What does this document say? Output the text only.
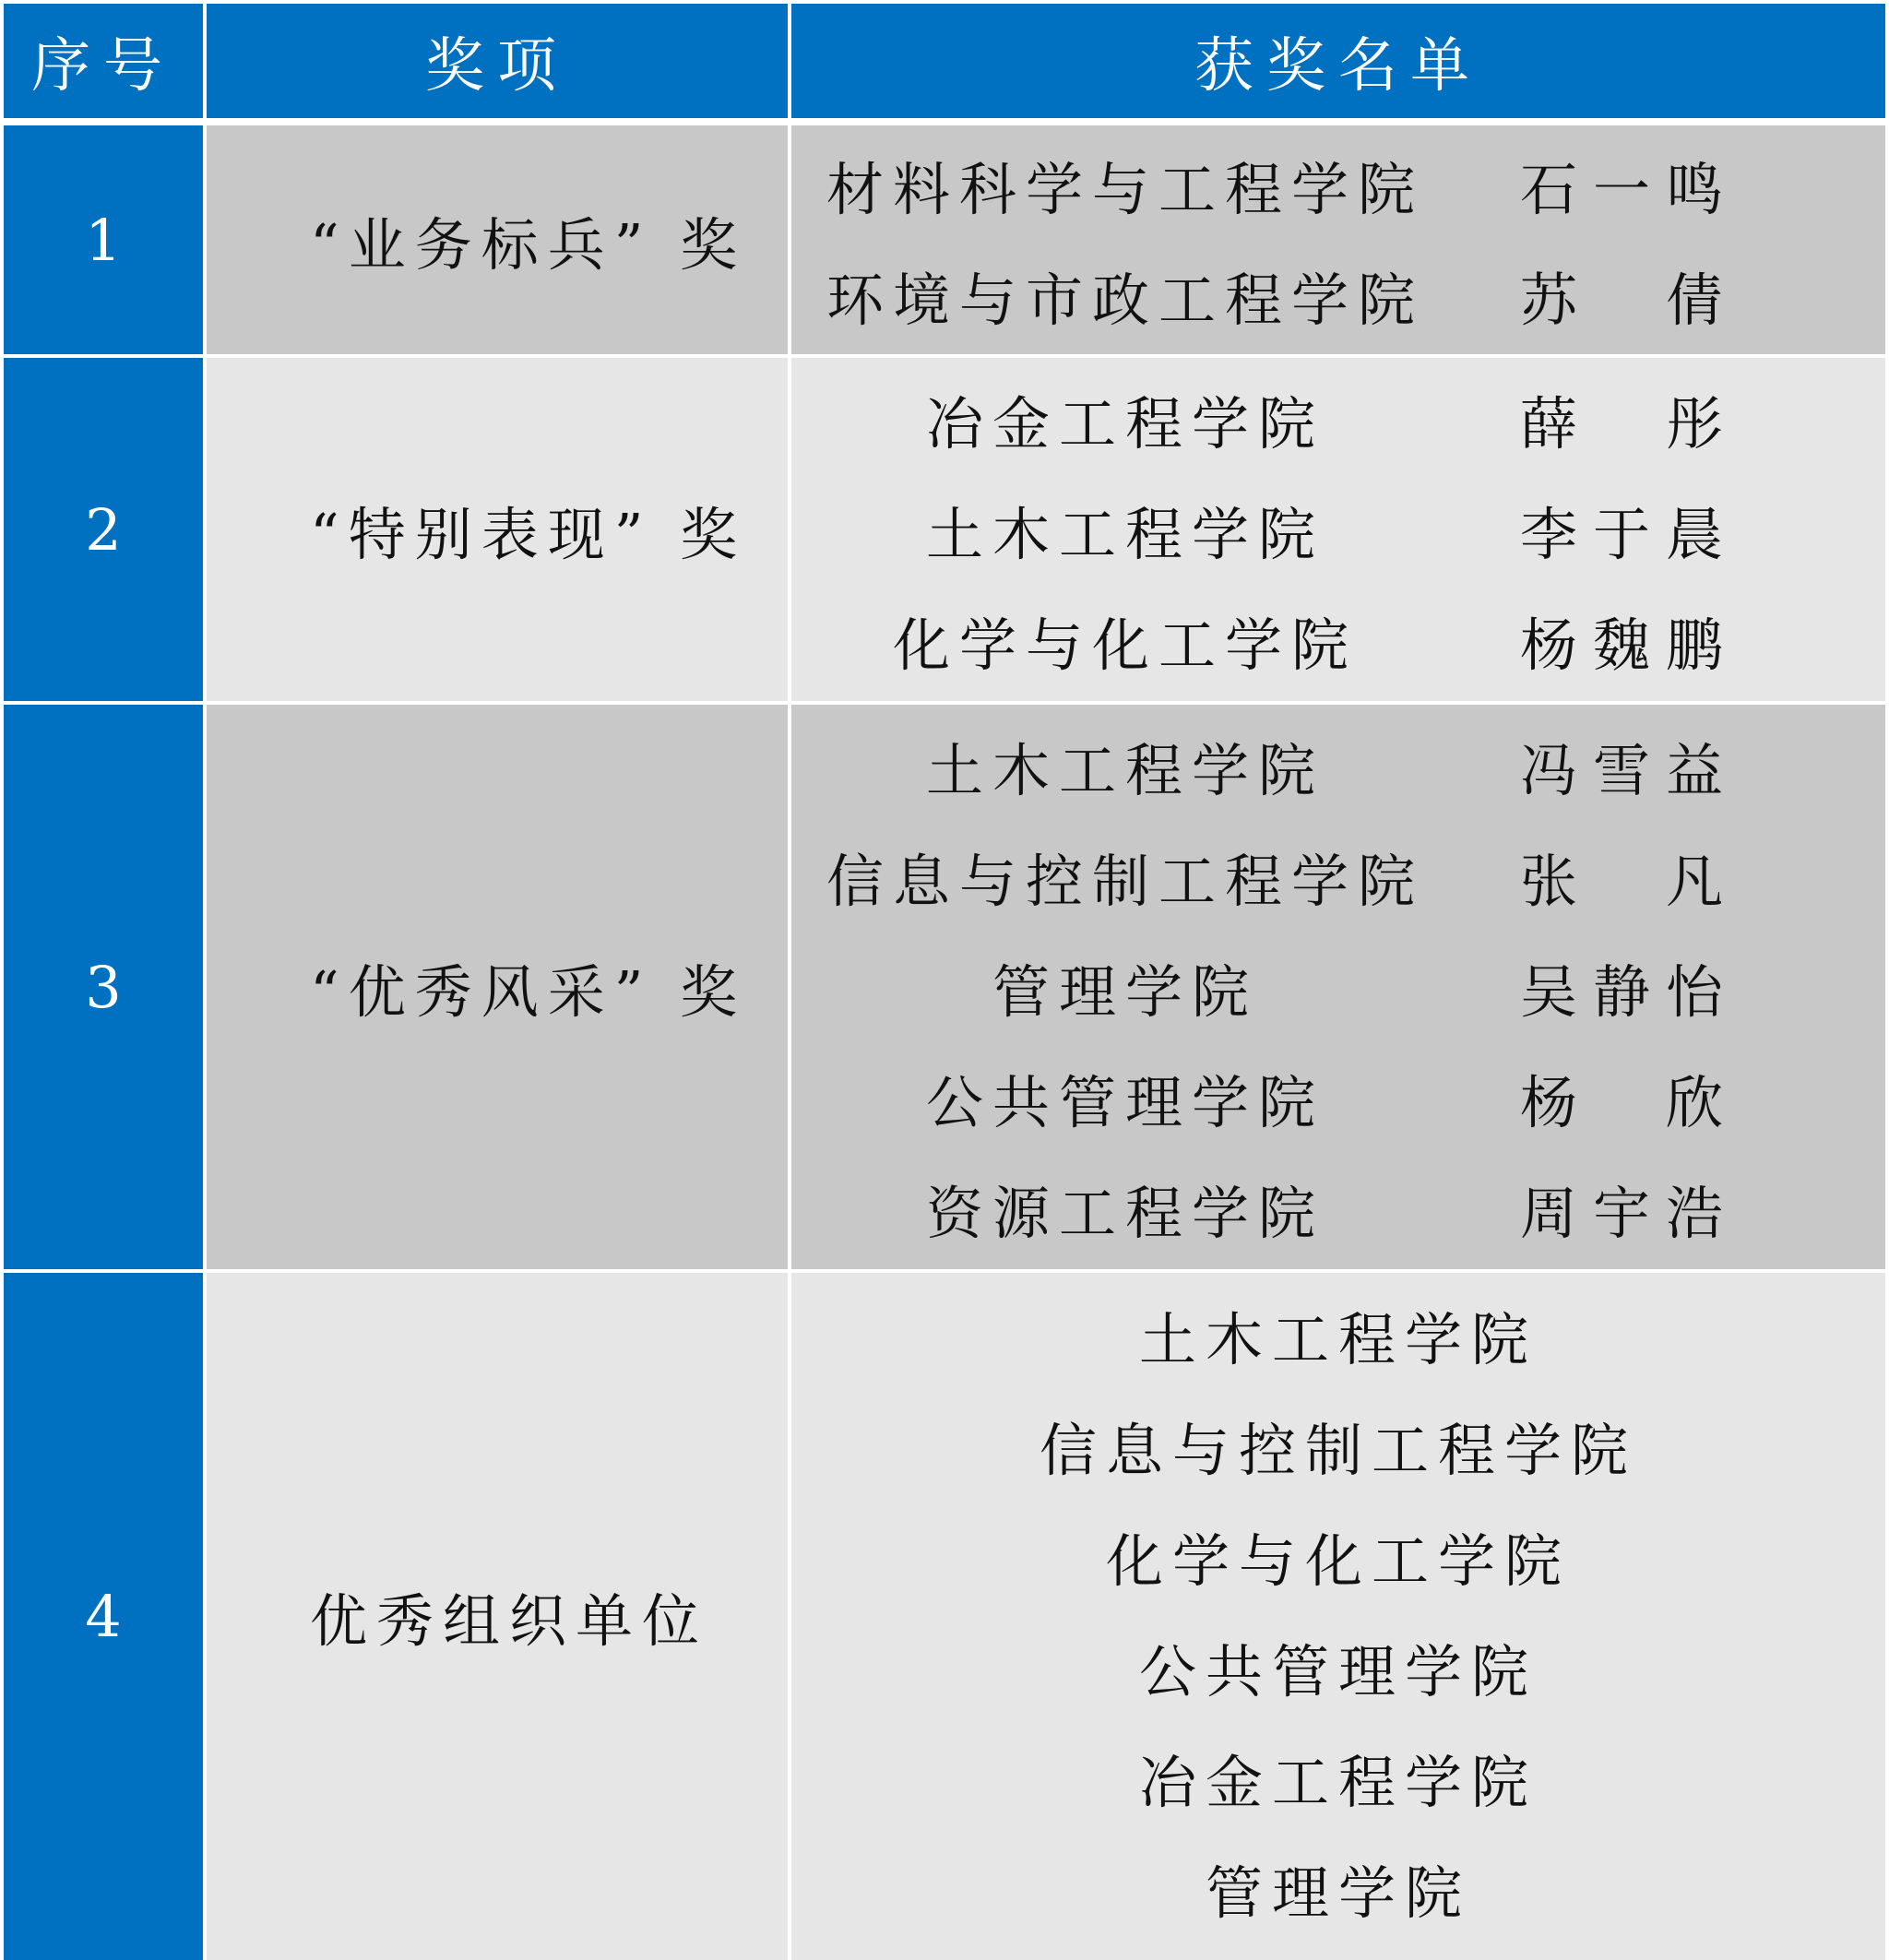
序号	奖项	获奖名单
1	“业务标兵” 奖
材料科学与工程学院	石一鸣
环境与市政工程学院	苏 倩
2	“特别表现” 奖
冶金工程学院	薛 彤
土木工程学院	李于晨
化学与化工学院	杨魏鹏
3	“优秀风采” 奖
土木工程学院	冯雪益
信息与控制工程学院	张 凡
管理学院	吴静怡
公共管理学院	杨 欣
资源工程学院	周宇浩
4	优秀组织单位
土木工程学院
信息与控制工程学院
化学与化工学院
公共管理学院
冶金工程学院
管理学院
